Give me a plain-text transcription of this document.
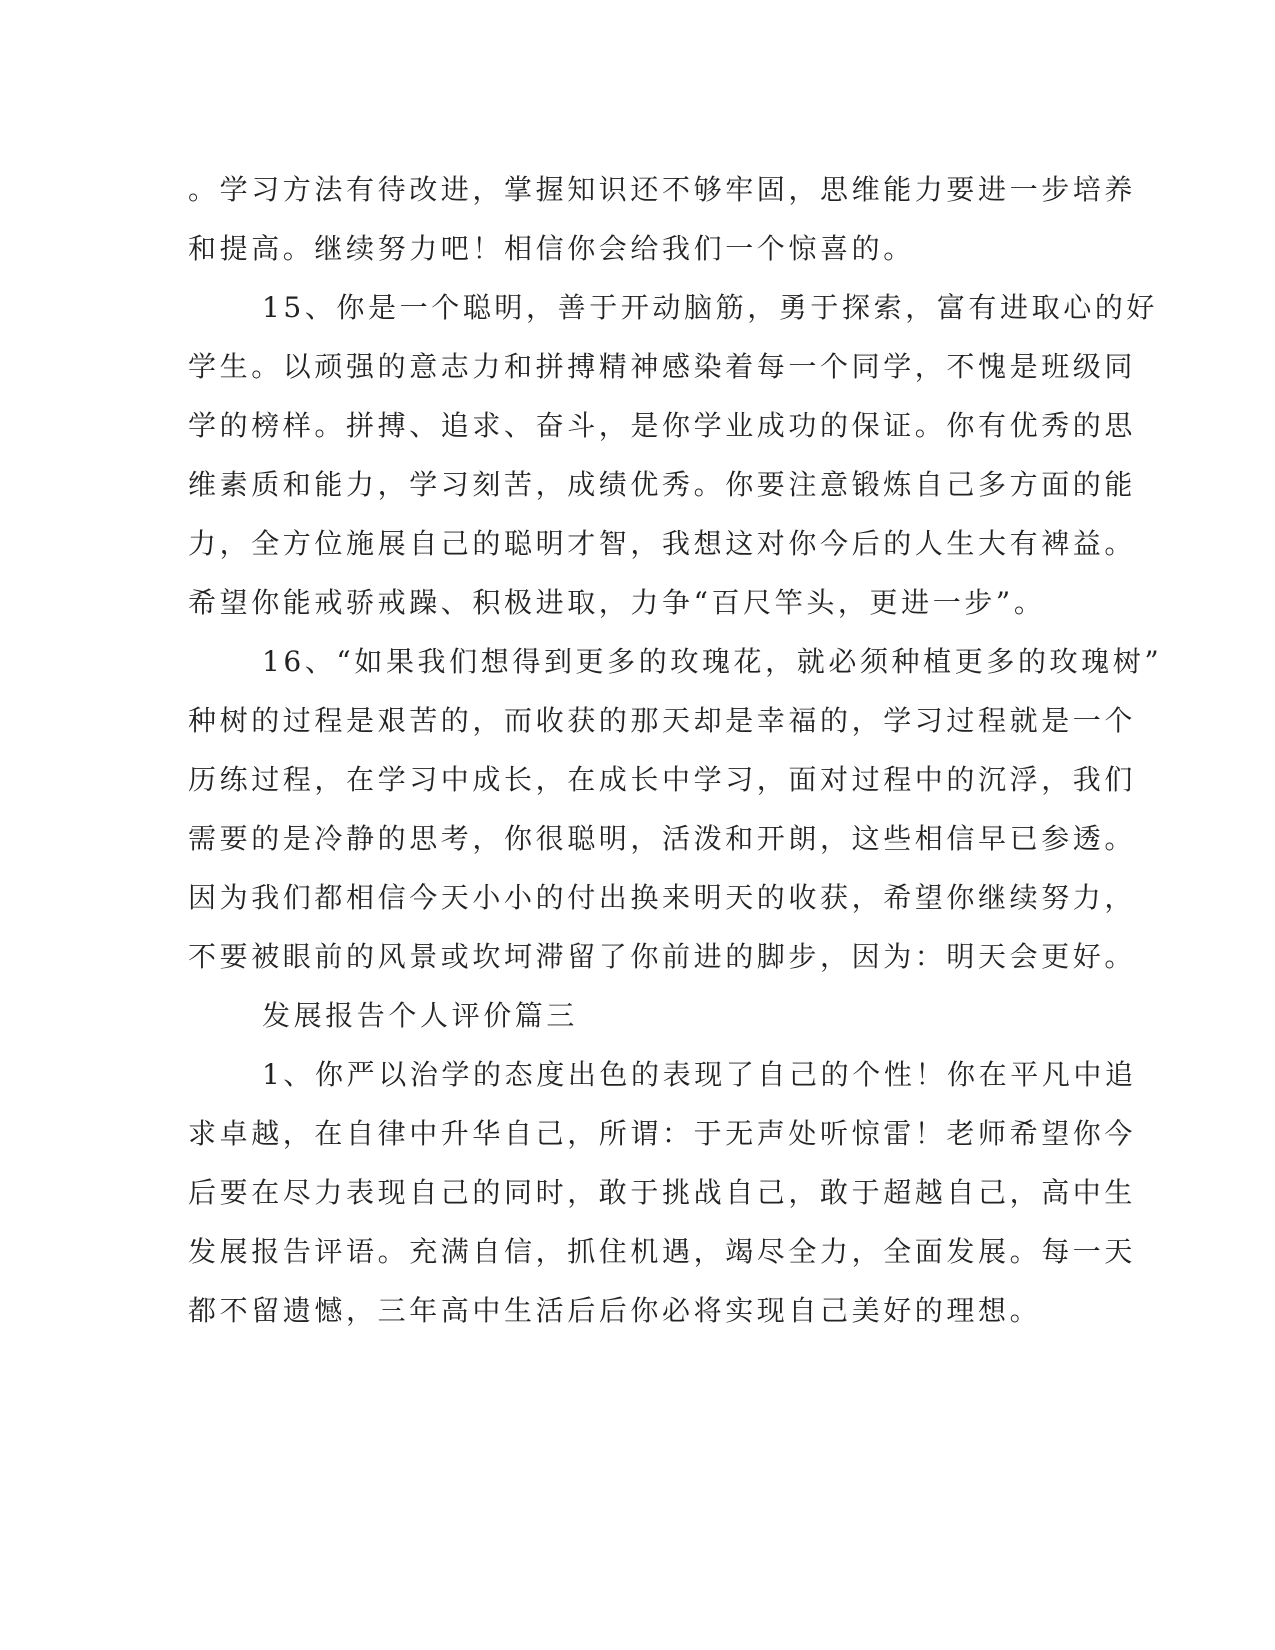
。学习方法有待改进，掌握知识还不够牢固，思维能力要进一步培养
和提高。继续努力吧！相信你会给我们一个惊喜的。
15、你是一个聪明，善于开动脑筋，勇于探索，富有进取心的好
学生。以顽强的意志力和拼搏精神感染着每一个同学，不愧是班级同
学的榜样。拼搏、追求、奋斗，是你学业成功的保证。你有优秀的思
维素质和能力，学习刻苦，成绩优秀。你要注意锻炼自己多方面的能
力，全方位施展自己的聪明才智，我想这对你今后的人生大有裨益。
希望你能戒骄戒躁、积极进取，力争“百尺竿头，更进一步”。
16、“如果我们想得到更多的玫瑰花，就必须种植更多的玫瑰树”
种树的过程是艰苦的，而收获的那天却是幸福的，学习过程就是一个
历练过程，在学习中成长，在成长中学习，面对过程中的沉浮，我们
需要的是冷静的思考，你很聪明，活泼和开朗，这些相信早已参透。
因为我们都相信今天小小的付出换来明天的收获，希望你继续努力，
不要被眼前的风景或坎坷滞留了你前进的脚步，因为：明天会更好。
发展报告个人评价篇三
1、你严以治学的态度出色的表现了自己的个性！你在平凡中追
求卓越，在自律中升华自己，所谓：于无声处听惊雷！老师希望你今
后要在尽力表现自己的同时，敢于挑战自己，敢于超越自己，高中生
发展报告评语。充满自信，抓住机遇，竭尽全力，全面发展。每一天
都不留遗憾，三年高中生活后后你必将实现自己美好的理想。
